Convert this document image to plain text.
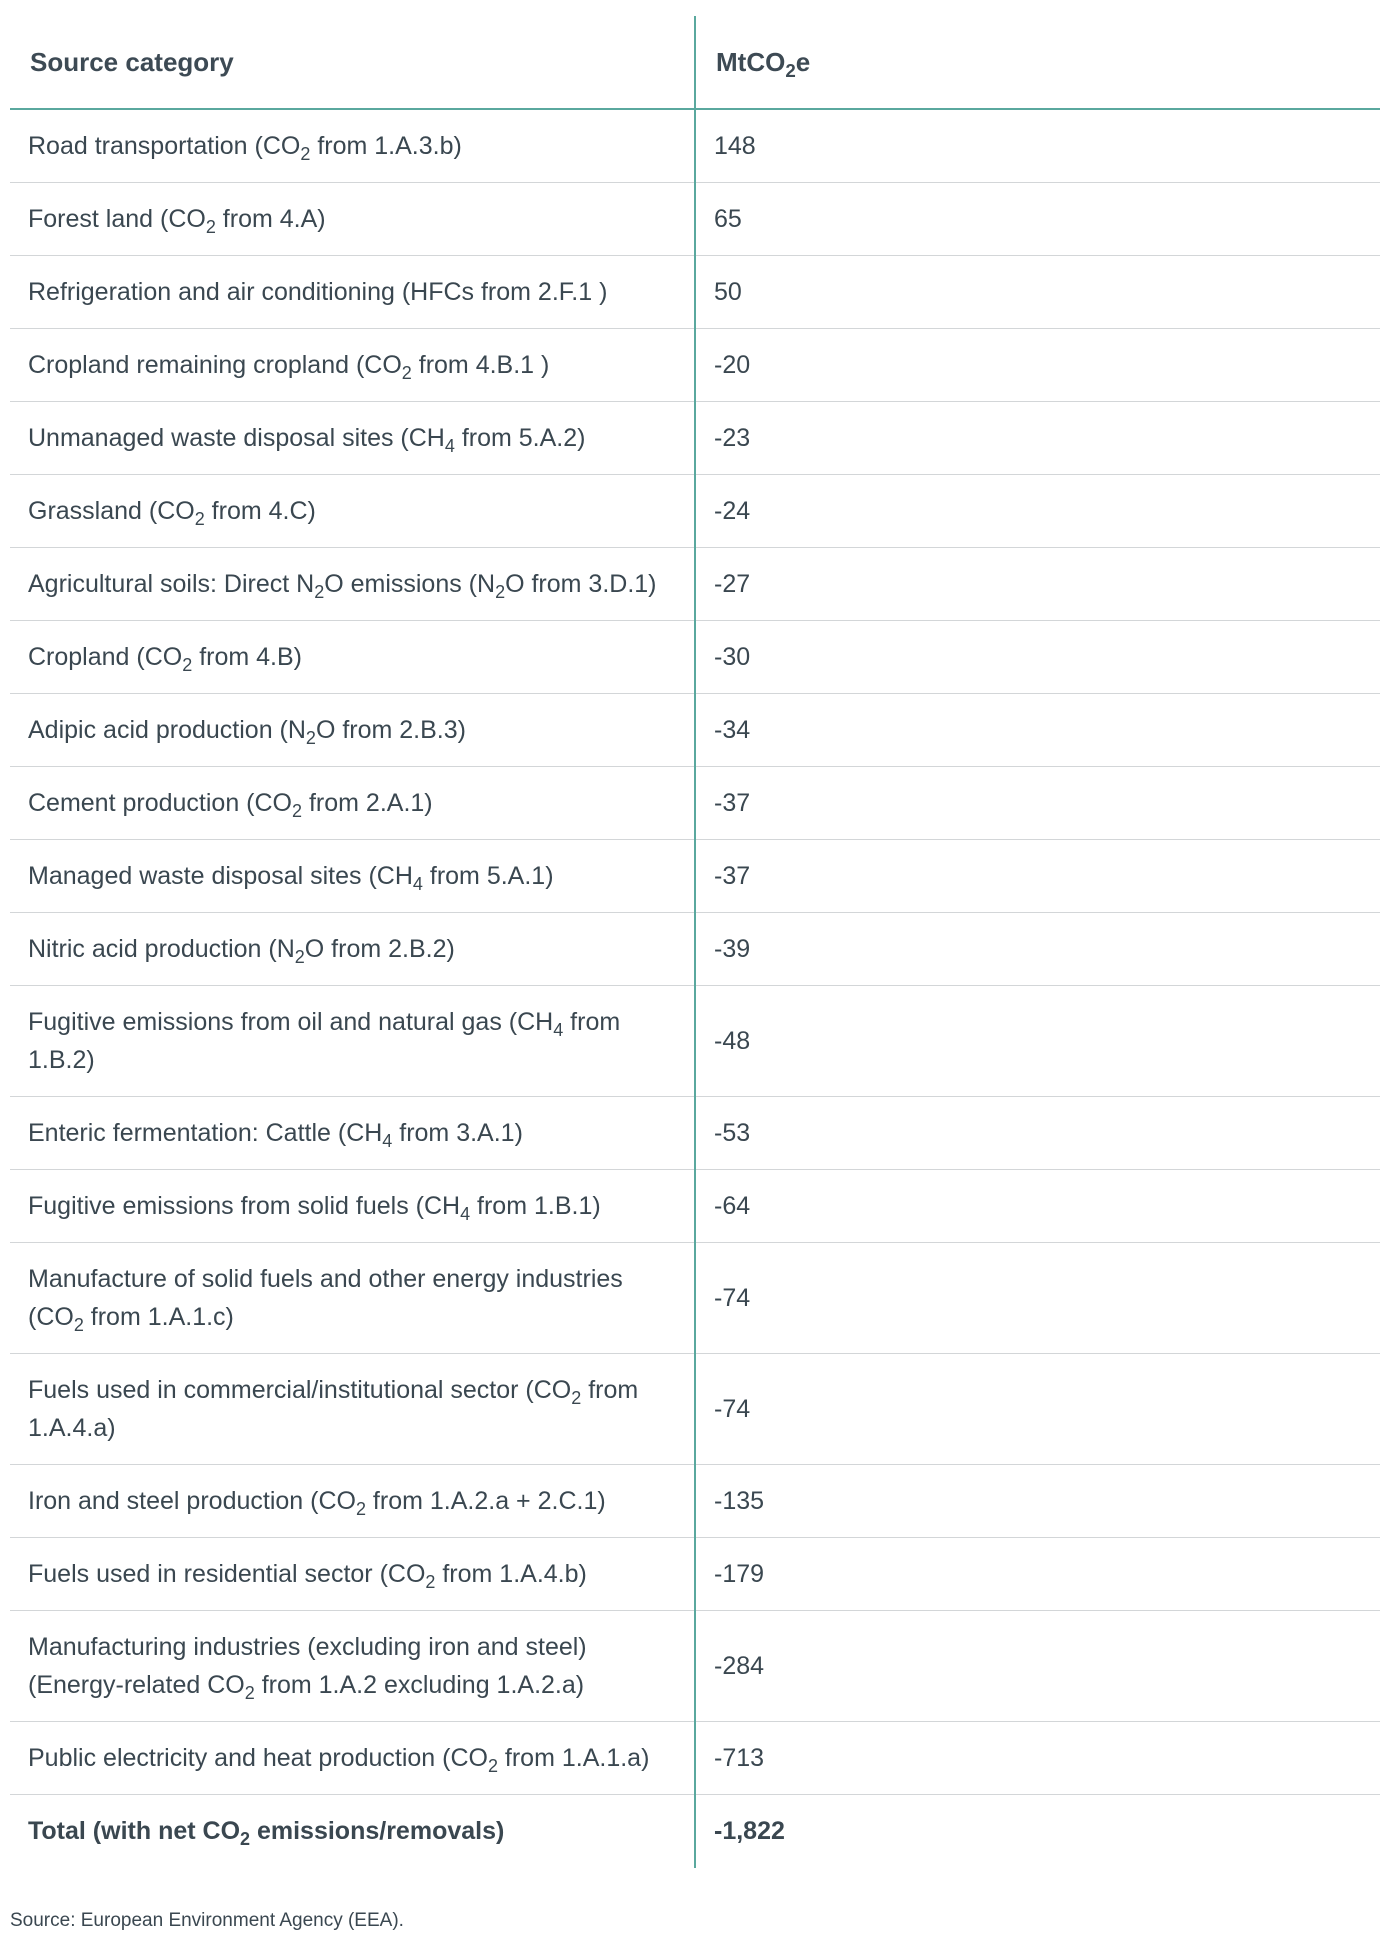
Source category	MtCO$_2$e
Road transportation ($CO_2$ from 1.A.3.b)	148
Forest land ($CO_2$ from 4.A)	65
Refrigeration and air conditioning (HFCs from 2.F.1 )	50
Cropland remaining cropland ($CO_2$ from 4.B.1 )	-20
Unmanaged waste disposal sites ($CH_4$ from 5.A.2)	-23
Grassland ($CO_2$ from 4.C)	-24
Agricultural soils: Direct $N_2O$ emissions ($N_2O$ from 3.D.1)	-27
Cropland ($CO_2$ from 4.B)	-30
Adipic acid production ($N_2O$ from 2.B.3)	-34
Cement production ($CO_2$ from 2.A.1)	-37
Managed waste disposal sites ($CH_4$ from 5.A.1)	-37
Nitric acid production ($N_2O$ from 2.B.2)	-39
Fugitive emissions from oil and natural gas ($CH_4$ from 1.B.2)	-48
Enteric fermentation: Cattle ($CH_4$ from 3.A.1)	-53
Fugitive emissions from solid fuels ($CH_4$ from 1.B.1)	-64
Manufacture of solid fuels and other energy industries ($CO_2$ from 1.A.1.c)	-74
Fuels used in commercial/institutional sector ($CO_2$ from 1.A.4.a)	-74
Iron and steel production ($CO_2$ from 1.A.2.a + 2.C.1)	-135
Fuels used in residential sector ($CO_2$ from 1.A.4.b)	-179
Manufacturing industries (excluding iron and steel) (Energy-related $CO_2$ from 1.A.2 excluding 1.A.2.a)	-284
Public electricity and heat production ($CO_2$ from 1.A.1.a)	-713
Total (with net $CO_2$ emissions/removals)	-1,822
Source: European Environment Agency (EEA).
